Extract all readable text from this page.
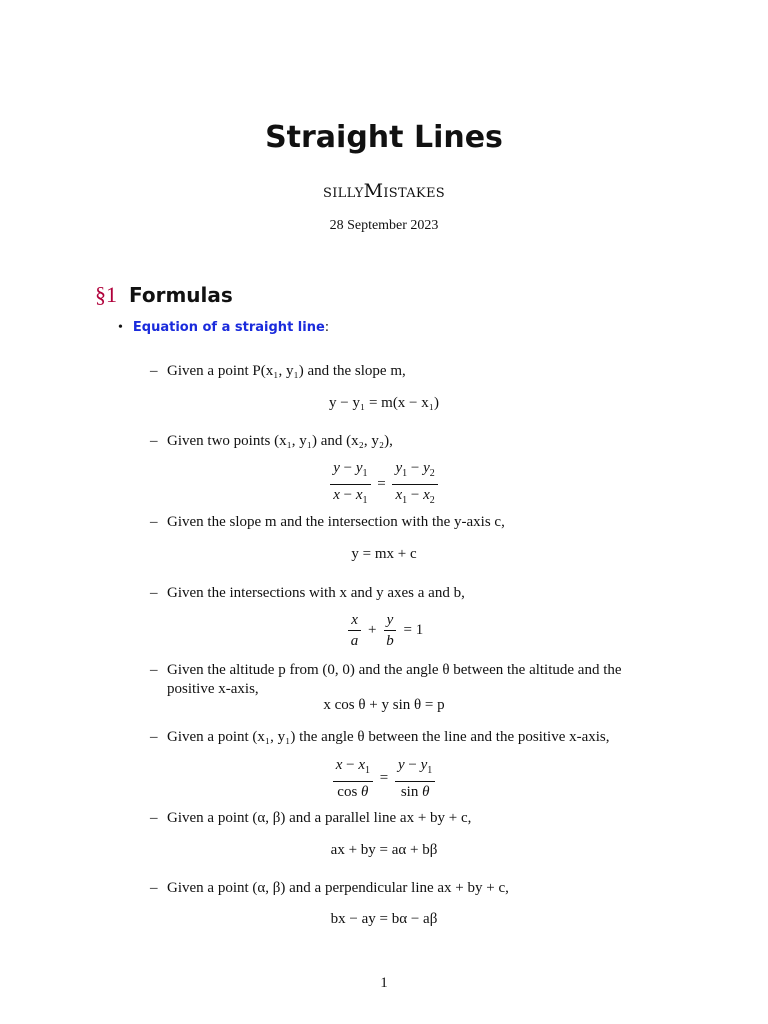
Straight Lines
sillyMistakes
28 September 2023
§1 Formulas
• Equation of a straight line:
– Given a point P(x₁, y₁) and the slope m,
y − y₁ = m(x − x₁)
– Given two points (x₁, y₁) and (x₂, y₂),
$\frac{y - y_1}{x - x_1} = \frac{y_1 - y_2}{x_1 - x_2}$
– Given the slope m and the intersection with the y-axis c,
y = mx + c
– Given the intersections with x and y axes a and b,
$\frac{x}{a} + \frac{y}{b} = 1$
– Given the altitude p from (0, 0) and the angle θ between the altitude and the
positive x-axis,
x cos θ + y sin θ = p
– Given a point (x₁, y₁) the angle θ between the line and the positive x-axis,
$\frac{x - x_1}{\text{cos θ}} = \frac{y - y_1}{\text{sin θ}}$
– Given a point (α, β) and a parallel line ax + by + c,
ax + by = aα + bβ
– Given a point (α, β) and a perpendicular line ax + by + c,
bx − ay = bα − aβ
1
